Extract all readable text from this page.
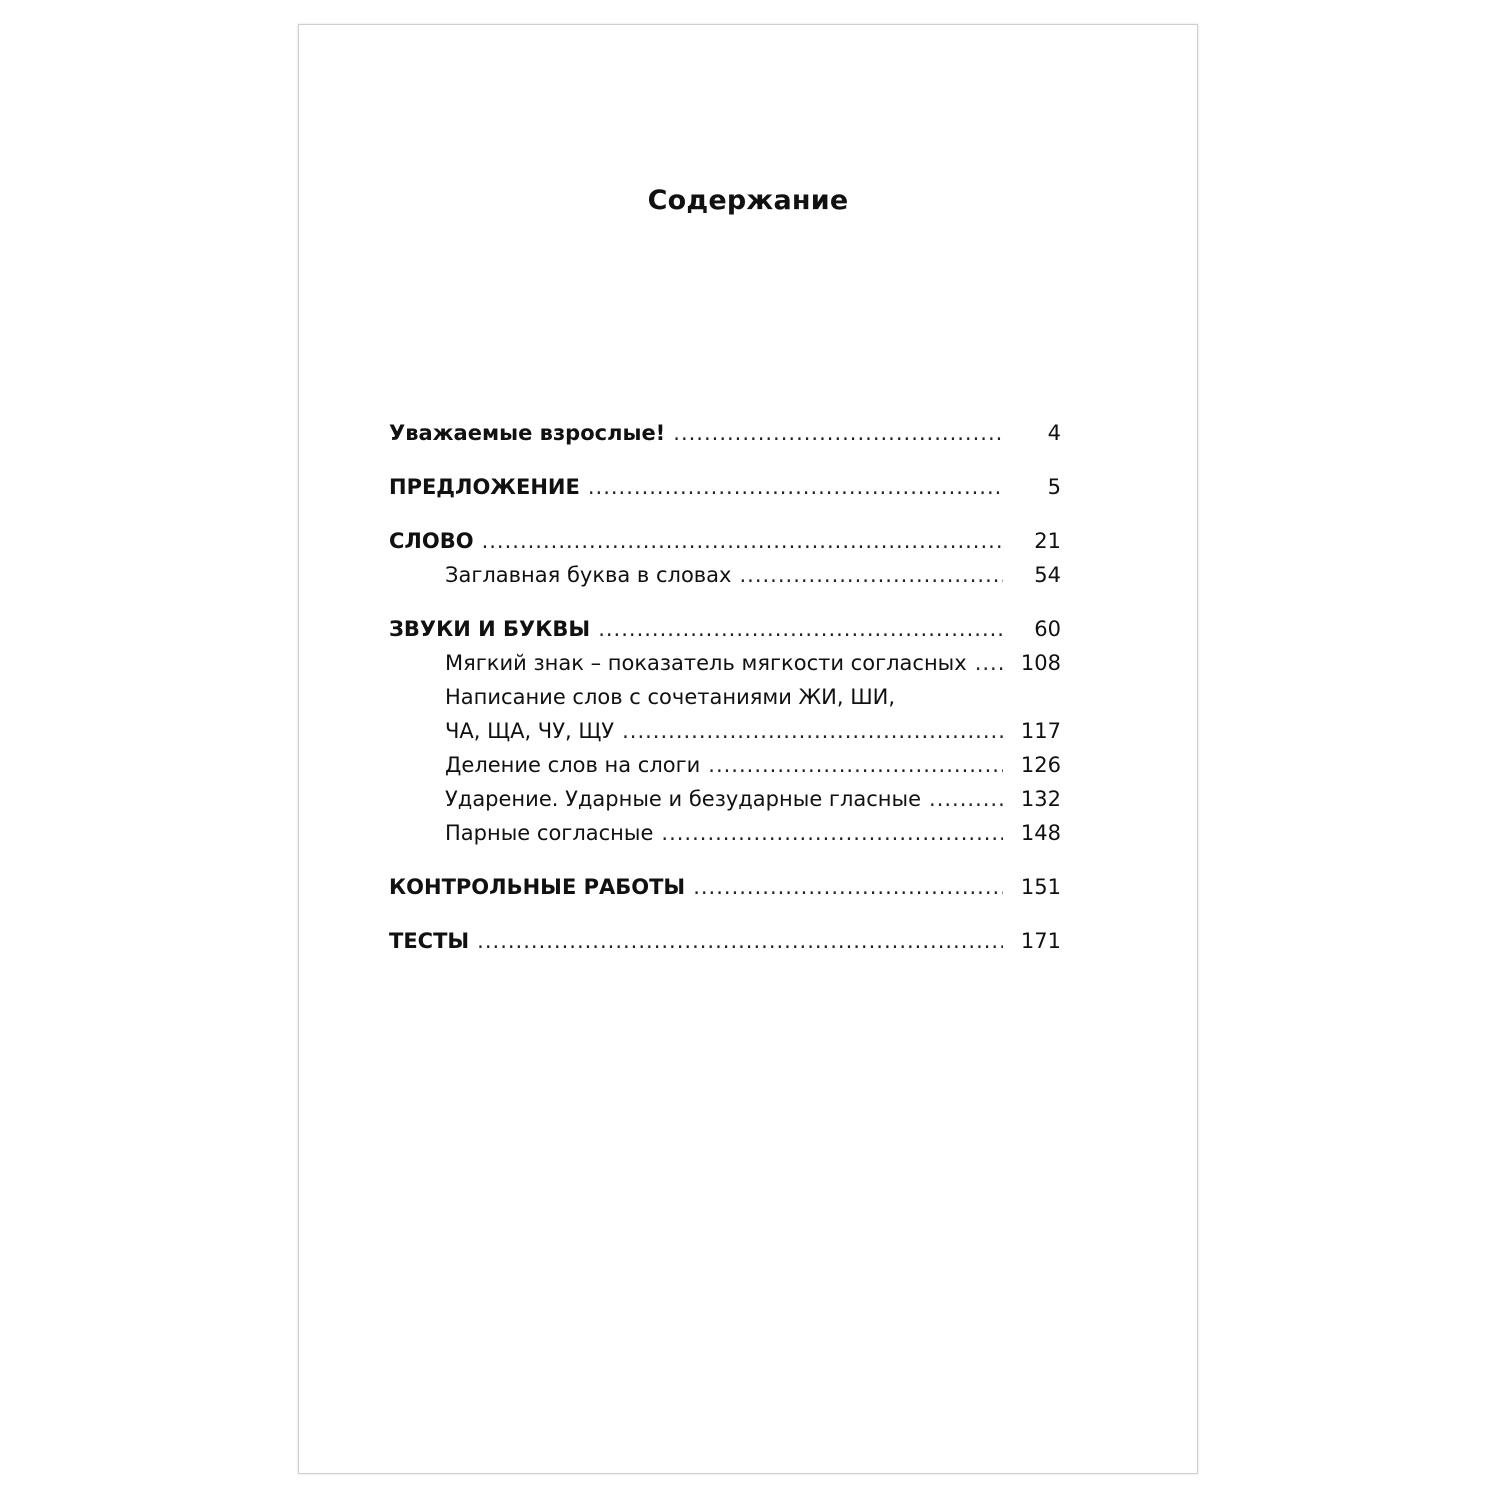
Содержание
Уважаемые взрослые! .....	4
ПРЕДЛОЖЕНИЕ .....	5
СЛОВО .....	21
Заглавная буква в словах .....	54
ЗВУКИ И БУКВЫ .....	60
Мягкий знак – показатель мягкости согласных .....	108
Написание слов с сочетаниями ЖИ, ШИ,
ЧА, ЩА, ЧУ, ЩУ .....	117
Деление слов на слоги .....	126
Ударение. Ударные и безударные гласные .....	132
Парные согласные .....	148
КОНТРОЛЬНЫЕ РАБОТЫ .....	151
ТЕСТЫ .....	171
